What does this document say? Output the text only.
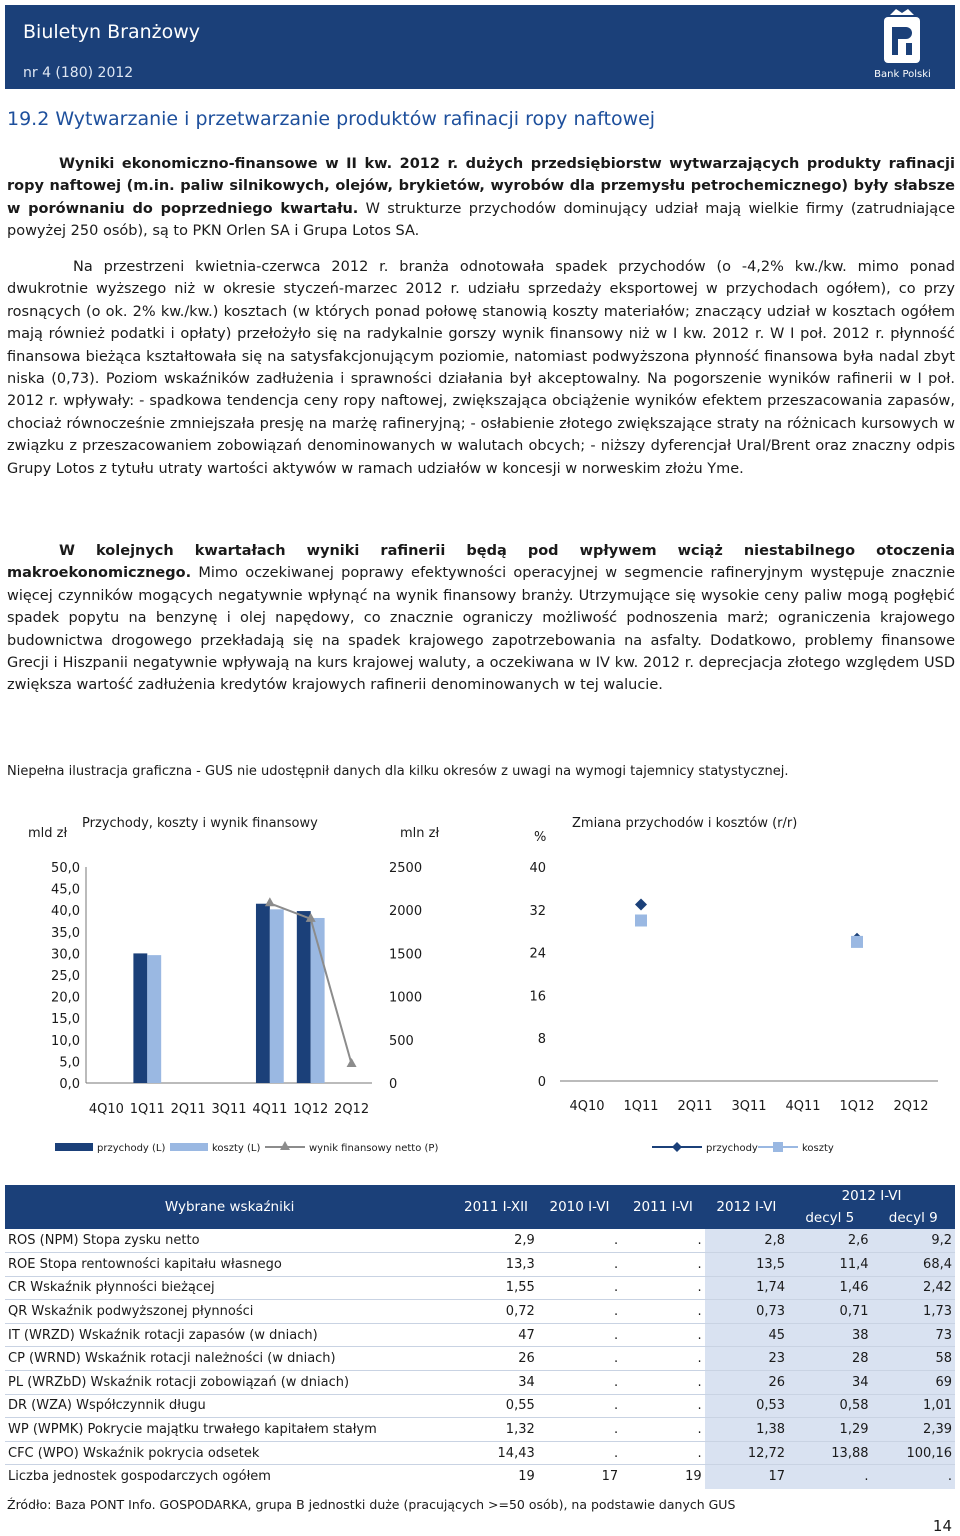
Biuletyn Branżowy
nr 4 (180) 2012	Bank Polski
19.2 Wytwarzanie i przetwarzanie produktów rafinacji ropy naftowej
Wyniki ekonomiczno-finansowe w II kw. 2012 r. dużych przedsiębiorstw wytwarzających produkty rafinacji ropy naftowej (m.in. paliw silnikowych, olejów, brykietów, wyrobów dla przemysłu petrochemicznego) były słabsze w porównaniu do poprzedniego kwartału. W strukturze przychodów dominujący udział mają wielkie firmy (zatrudniające powyżej 250 osób), są to PKN Orlen SA i Grupa Lotos SA.
Na przestrzeni kwietnia-czerwca 2012 r. branża odnotowała spadek przychodów (o -4,2% kw./kw. mimo ponad dwukrotnie wyższego niż w okresie styczeń-marzec 2012 r. udziału sprzedaży eksportowej w przychodach ogółem), co przy rosnących (o ok. 2% kw./kw.) kosztach (w których ponad połowę stanowią koszty materiałów; znaczący udział w kosztach ogółem mają również podatki i opłaty) przełożyło się na radykalnie gorszy wynik finansowy niż w I kw. 2012 r. W I poł. 2012 r. płynność finansowa bieżąca kształtowała się na satysfakcjonującym poziomie, natomiast podwyższona płynność finansowa była nadal zbyt niska (0,73). Poziom wskaźników zadłużenia i sprawności działania był akceptowalny. Na pogorszenie wyników rafinerii w I poł. 2012 r. wpływały: - spadkowa tendencja ceny ropy naftowej, zwiększająca obciążenie wyników efektem przeszacowania zapasów, chociaż równocześnie zmniejszała presję na marżę rafineryjną; - osłabienie złotego zwiększające straty na różnicach kursowych w związku z przeszacowaniem zobowiązań denominowanych w walutach obcych; - niższy dyferencjał Ural/Brent oraz znaczny odpis Grupy Lotos z tytułu utraty wartości aktywów w ramach udziałów w koncesji w norweskim złożu Yme.
W kolejnych kwartałach wyniki rafinerii będą pod wpływem wciąż niestabilnego otoczenia makroekonomicznego. Mimo oczekiwanej poprawy efektywności operacyjnej w segmencie rafineryjnym występuje znacznie więcej czynników mogących negatywnie wpłynąć na wynik finansowy branży. Utrzymujące się wysokie ceny paliw mogą pogłębić spadek popytu na benzynę i olej napędowy, co znacznie ograniczy możliwość podnoszenia marż; ograniczenia krajowego budownictwa drogowego przekładają się na spadek krajowego zapotrzebowania na asfalty. Dodatkowo, problemy finansowe Grecji i Hiszpanii negatywnie wpływają na kurs krajowej waluty, a oczekiwana w IV kw. 2012 r. deprecjacja złotego względem USD zwiększa wartość zadłużenia kredytów krajowych rafinerii denominowanych w tej walucie.
Niepełna ilustracja graficzna - GUS nie udostępnił danych dla kilku okresów z uwagi na wymogi tajemnicy statystycznej.
Przychody, koszty i wynik finansowy
mld zł	mln zł
50,0
45,0
40,0
35,0
30,0
25,0
20,0
15,0
10,0
5,0
0,0
2500
2000
1500
1000
500
0
4Q10 1Q11 2Q11 3Q11 4Q11 1Q12 2Q12
przychody (L)	koszty (L)	wynik finansowy netto (P)
Zmiana przychodów i kosztów (r/r)
%
40
32
24
16
8
0
4Q10 1Q11 2Q11 3Q11 4Q11 1Q12 2Q12
przychody	koszty
Wybrane wskaźniki	2011 I-XII	2010 I-VI	2011 I-VI	2012 I-VI	2012 I-VI	
					decyl 5	decyl 9
ROS (NPM) Stopa zysku netto	2,9	.	.	2,8	2,6	9,2
ROE Stopa rentowności kapitału własnego	13,3	.	.	13,5	11,4	68,4
CR Wskaźnik płynności bieżącej	1,55	.	.	1,74	1,46	2,42
QR Wskaźnik podwyższonej płynności	0,72	.	.	0,73	0,71	1,73
IT (WRZD) Wskaźnik rotacji zapasów (w dniach)	47	.	.	45	38	73
CP (WRND) Wskaźnik rotacji należności (w dniach)	26	.	.	23	28	58
PL (WRZbD) Wskaźnik rotacji zobowiązań (w dniach)	34	.	.	26	34	69
DR (WZA) Współczynnik długu	0,55	.	.	0,53	0,58	1,01
WP (WPMK) Pokrycie majątku trwałego kapitałem stałym	1,32	.	.	1,38	1,29	2,39
CFC (WPO) Wskaźnik pokrycia odsetek	14,43	.	.	12,72	13,88	100,16
Liczba jednostek gospodarczych ogółem	19	17	19	17	.	.
Źródło: Baza PONT Info. GOSPODARKA, grupa B jednostki duże (pracujących >=50 osób), na podstawie danych GUS
14
